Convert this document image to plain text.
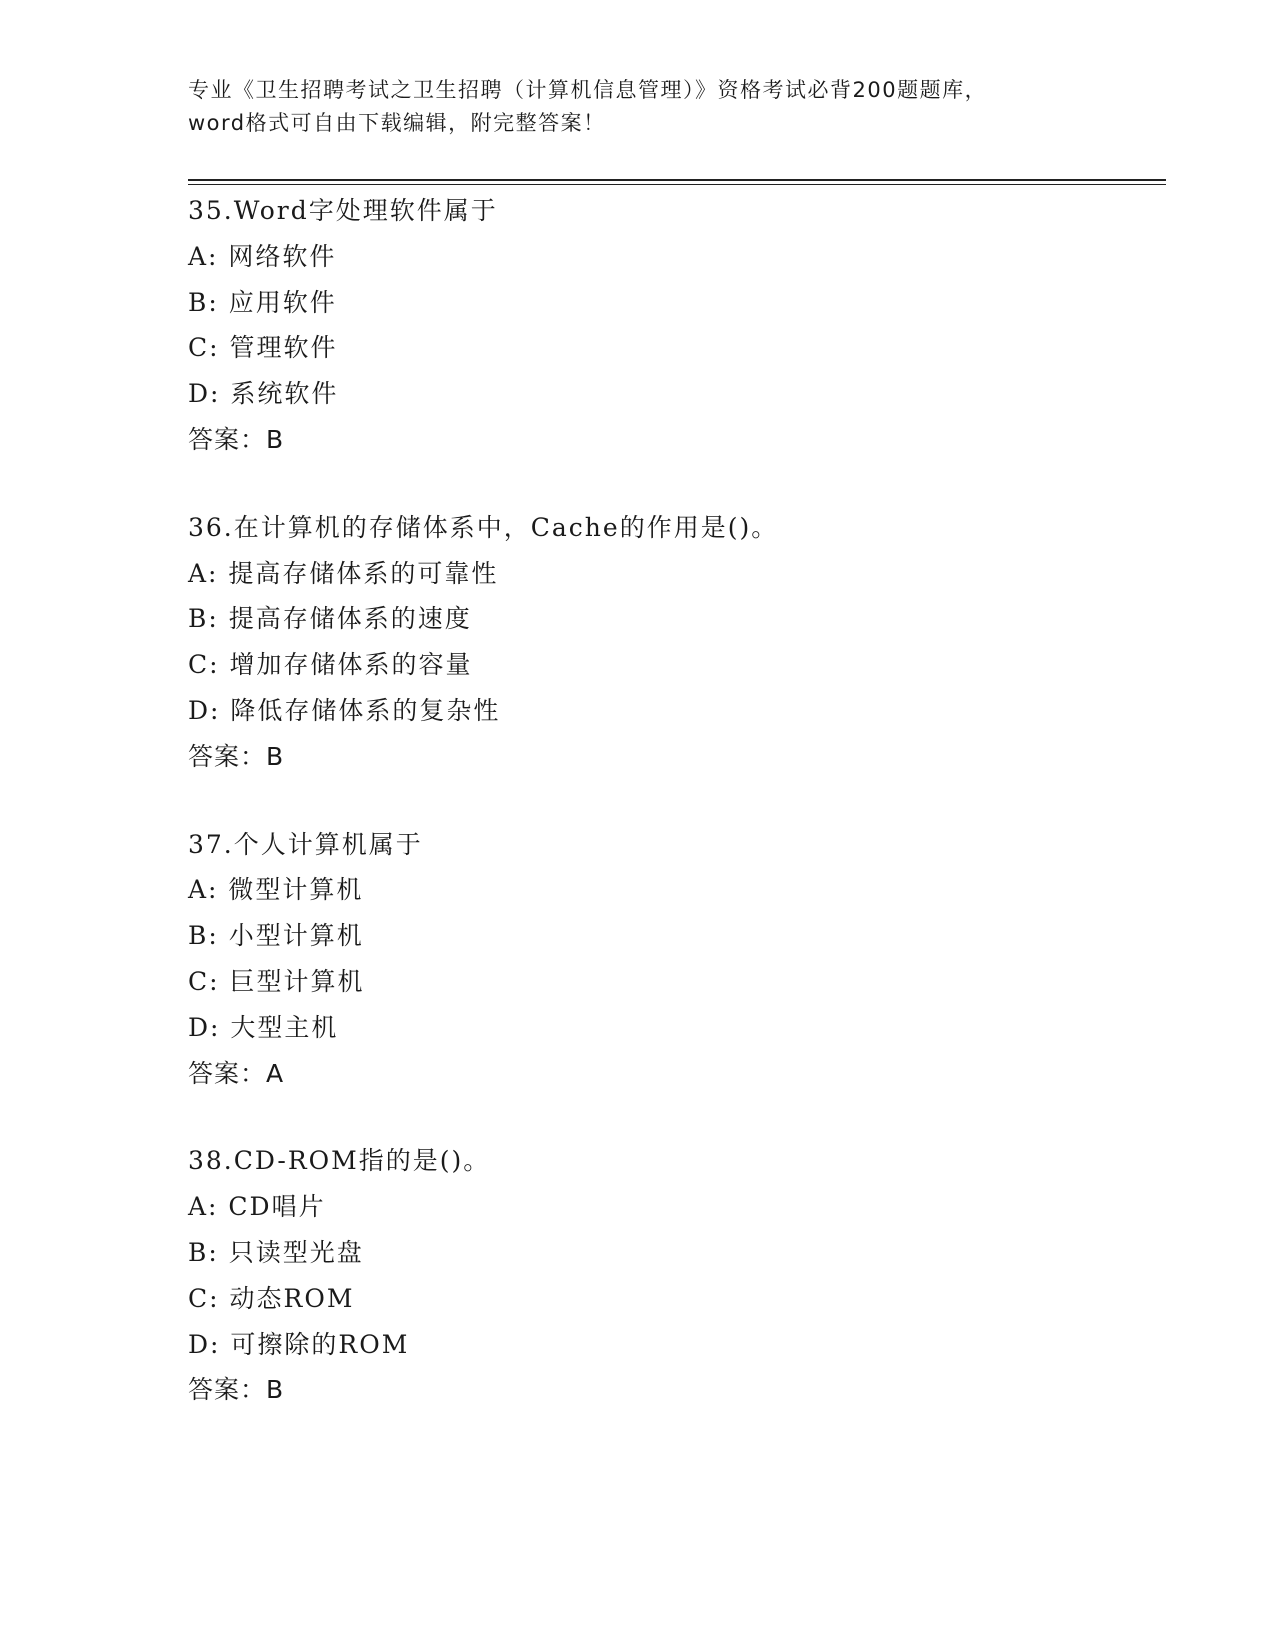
专业《卫生招聘考试之卫生招聘（计算机信息管理）》资格考试必背200题题库，
word格式可自由下载编辑，附完整答案！
35.Word字处理软件属于
A: 网络软件
B: 应用软件
C: 管理软件
D: 系统软件
答案：B
36.在计算机的存储体系中，Cache的作用是()。
A: 提高存储体系的可靠性
B: 提高存储体系的速度
C: 增加存储体系的容量
D: 降低存储体系的复杂性
答案：B
37.个人计算机属于
A: 微型计算机
B: 小型计算机
C: 巨型计算机
D: 大型主机
答案：A
38.CD-ROM指的是()。
A: CD唱片
B: 只读型光盘
C: 动态ROM
D: 可擦除的ROM
答案：B
